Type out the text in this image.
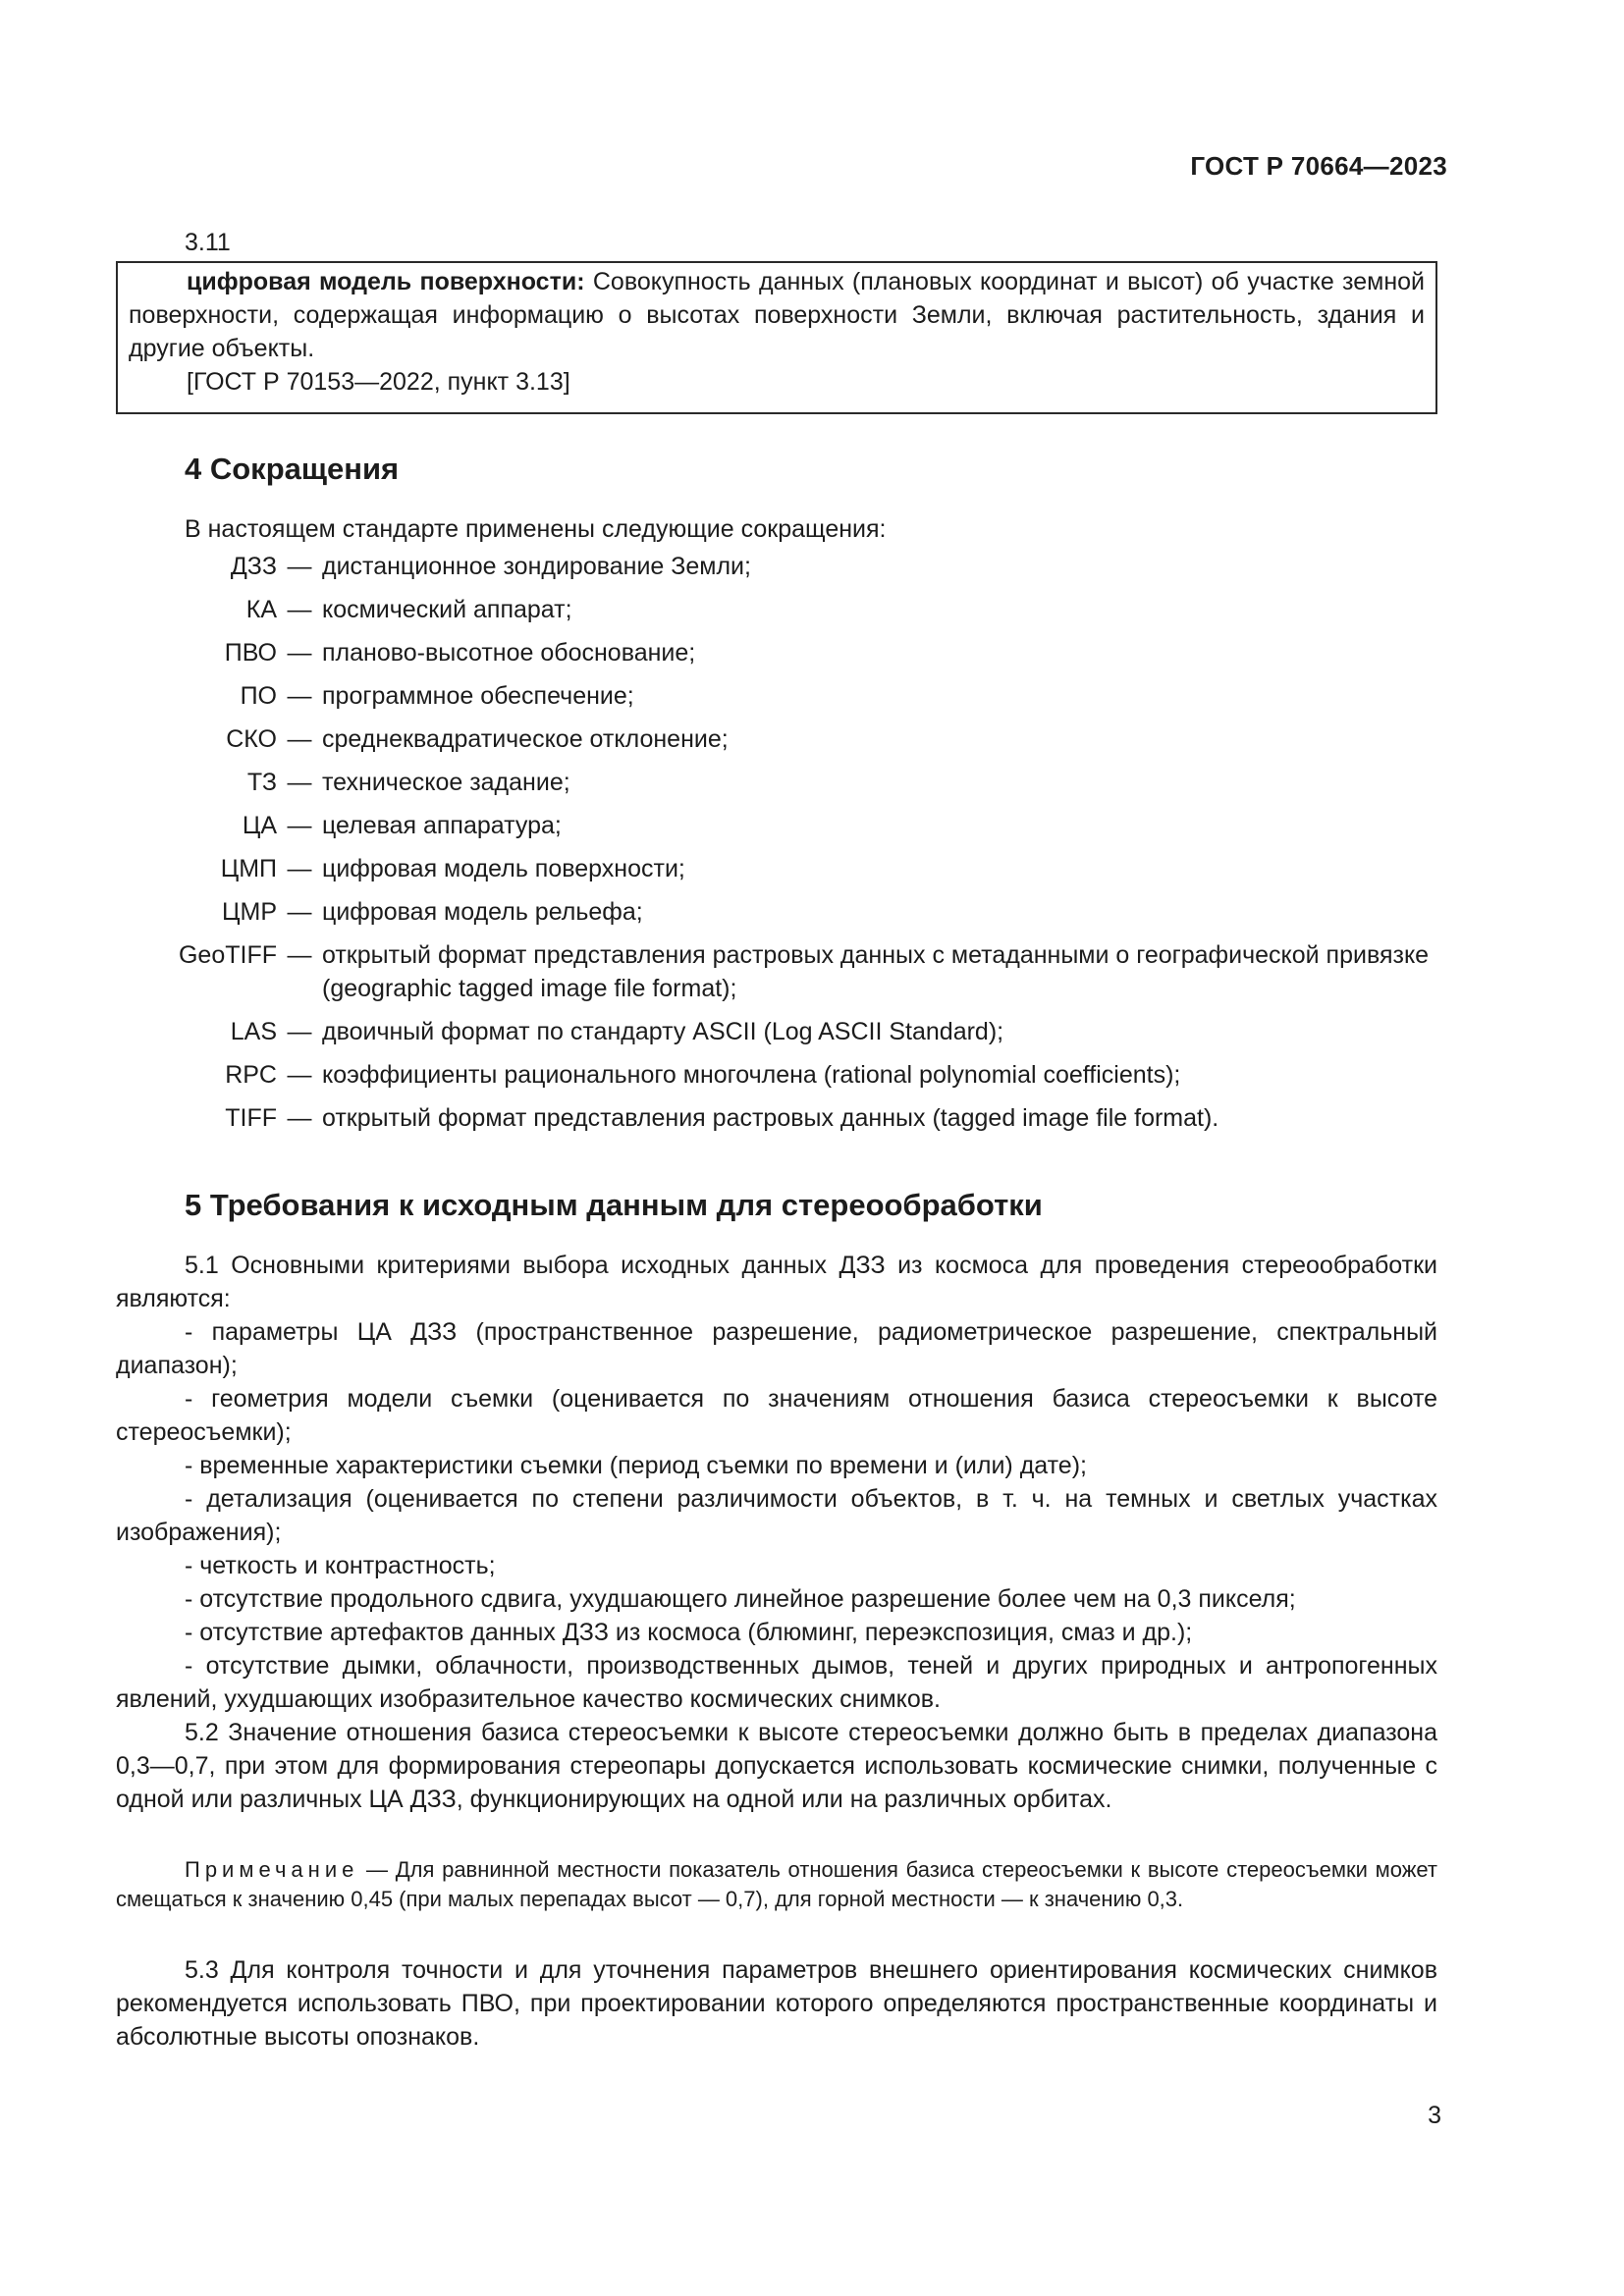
ГОСТ Р 70664—2023
3.11

цифровая модель поверхности: Совокупность данных (плановых координат и высот) об участке земной поверхности, содержащая информацию о высотах поверхности Земли, включая растительность, здания и другие объекты.

[ГОСТ Р 70153—2022, пункт 3.13]

4 Сокращения
В настоящем стандарте применены следующие сокращения:
ДЗЗ — дистанционное зондирование Земли;
КА — космический аппарат;
ПВО — планово-высотное обоснование;
ПО — программное обеспечение;
СКО — среднеквадратическое отклонение;
ТЗ — техническое задание;
ЦА — целевая аппаратура;
ЦМП — цифровая модель поверхности;
ЦМР — цифровая модель рельефа;
GeoTIFF — открытый формат представления растровых данных с метаданными о географической привязке (geographic tagged image file format);
LAS — двоичный формат по стандарту ASCII (Log ASCII Standard);
RPC — коэффициенты рационального многочлена (rational polynomial coefficients);
TIFF — открытый формат представления растровых данных (tagged image file format).
5 Требования к исходным данным для стереообработки

5.1 Основными критериями выбора исходных данных ДЗЗ из космоса для проведения стереообработки являются:

- параметры ЦА ДЗЗ (пространственное разрешение, радиометрическое разрешение, спектральный диапазон);

- геометрия модели съемки (оценивается по значениям отношения базиса стереосъемки к высоте стереосъемки);

- временные характеристики съемки (период съемки по времени и (или) дате);

- детализация (оценивается по степени различимости объектов, в т. ч. на темных и светлых участках изображения);

- четкость и контрастность;

- отсутствие продольного сдвига, ухудшающего линейное разрешение более чем на 0,3 пикселя;

- отсутствие артефактов данных ДЗЗ из космоса (блюминг, переэкспозиция, смаз и др.);

- отсутствие дымки, облачности, производственных дымов, теней и других природных и антропогенных явлений, ухудшающих изобразительное качество космических снимков.

5.2 Значение отношения базиса стереосъемки к высоте стереосъемки должно быть в пределах диапазона 0,3—0,7, при этом для формирования стереопары допускается использовать космические снимки, полученные с одной или различных ЦА ДЗЗ, функционирующих на одной или на различных орбитах.

Примечание — Для равнинной местности показатель отношения базиса стереосъемки к высоте стереосъемки может смещаться к значению 0,45 (при малых перепадах высот — 0,7), для горной местности — к значению 0,3.

5.3 Для контроля точности и для уточнения параметров внешнего ориентирования космических снимков рекомендуется использовать ПВО, при проектировании которого определяются пространственные координаты и абсолютные высоты опознаков.

3
